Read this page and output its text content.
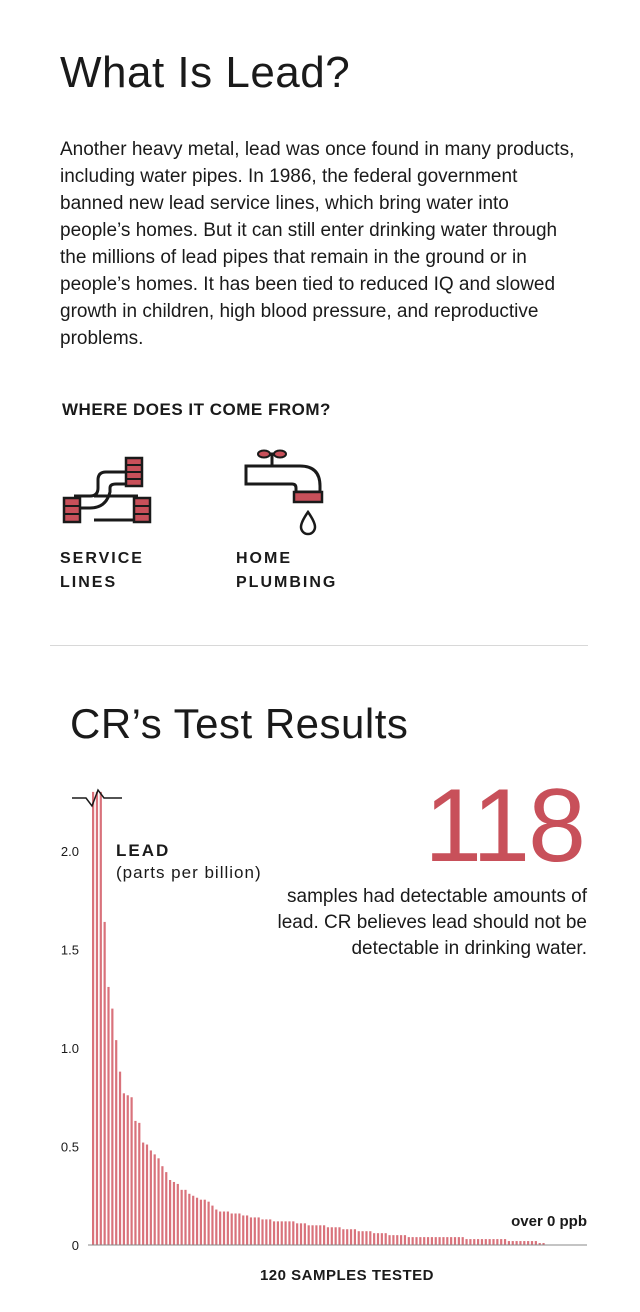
What Is Lead?

Another heavy metal, lead was once found in many products, including water pipes. In 1986, the federal government banned new lead service lines, which bring water into people’s homes. But it can still enter drinking water through the millions of lead pipes that remain in the ground or in people’s homes. It has been tied to reduced IQ and slowed growth in children, high blood pressure, and reproductive problems.

WHERE DOES IT COME FROM?

SERVICE
LINES
HOME
PLUMBING
CR’s Test Results
0
0.5
1.0
1.5
2.0 LEAD
(parts per billion)
over 0 ppb
120 SAMPLES TESTED

118

samples had detectable amounts of lead. CR believes lead should not be detectable in drinking water.
